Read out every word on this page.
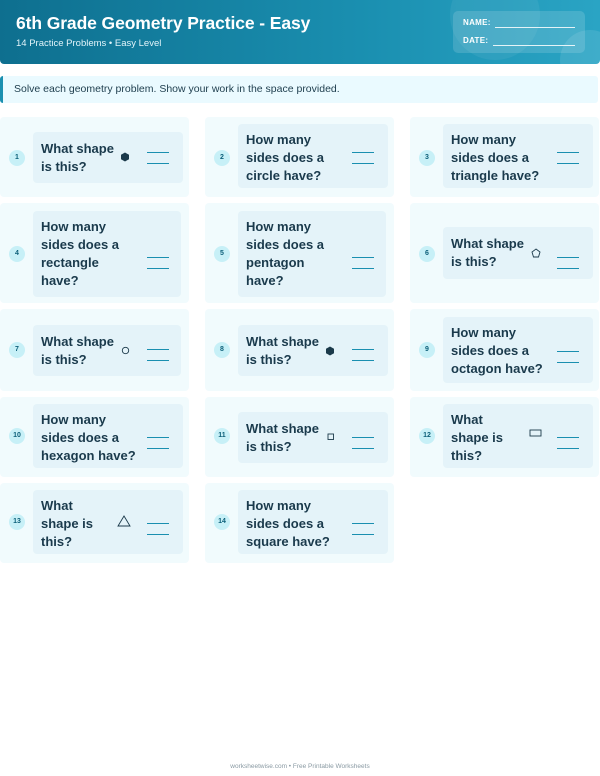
6th Grade Geometry Practice - Easy
14 Practice Problems • Easy Level
NAME:
DATE:
Solve each geometry problem. Show your work in the space provided.
1
What shape
is this?
2
How many
sides does a
circle have?
3
How many
sides does a
triangle have?
4
How many
sides does a
rectangle
have?
5
How many
sides does a
pentagon
have?
6
What shape
is this?
7
What shape
is this?
8
What shape
is this?
9
How many
sides does a
octagon have?
10
How many
sides does a
hexagon have?
11	What shape
is this?
12
What
shape is
this?
13
What
shape is
this?
14
How many
sides does a
square have?
worksheetwise.com • Free Printable Worksheets
